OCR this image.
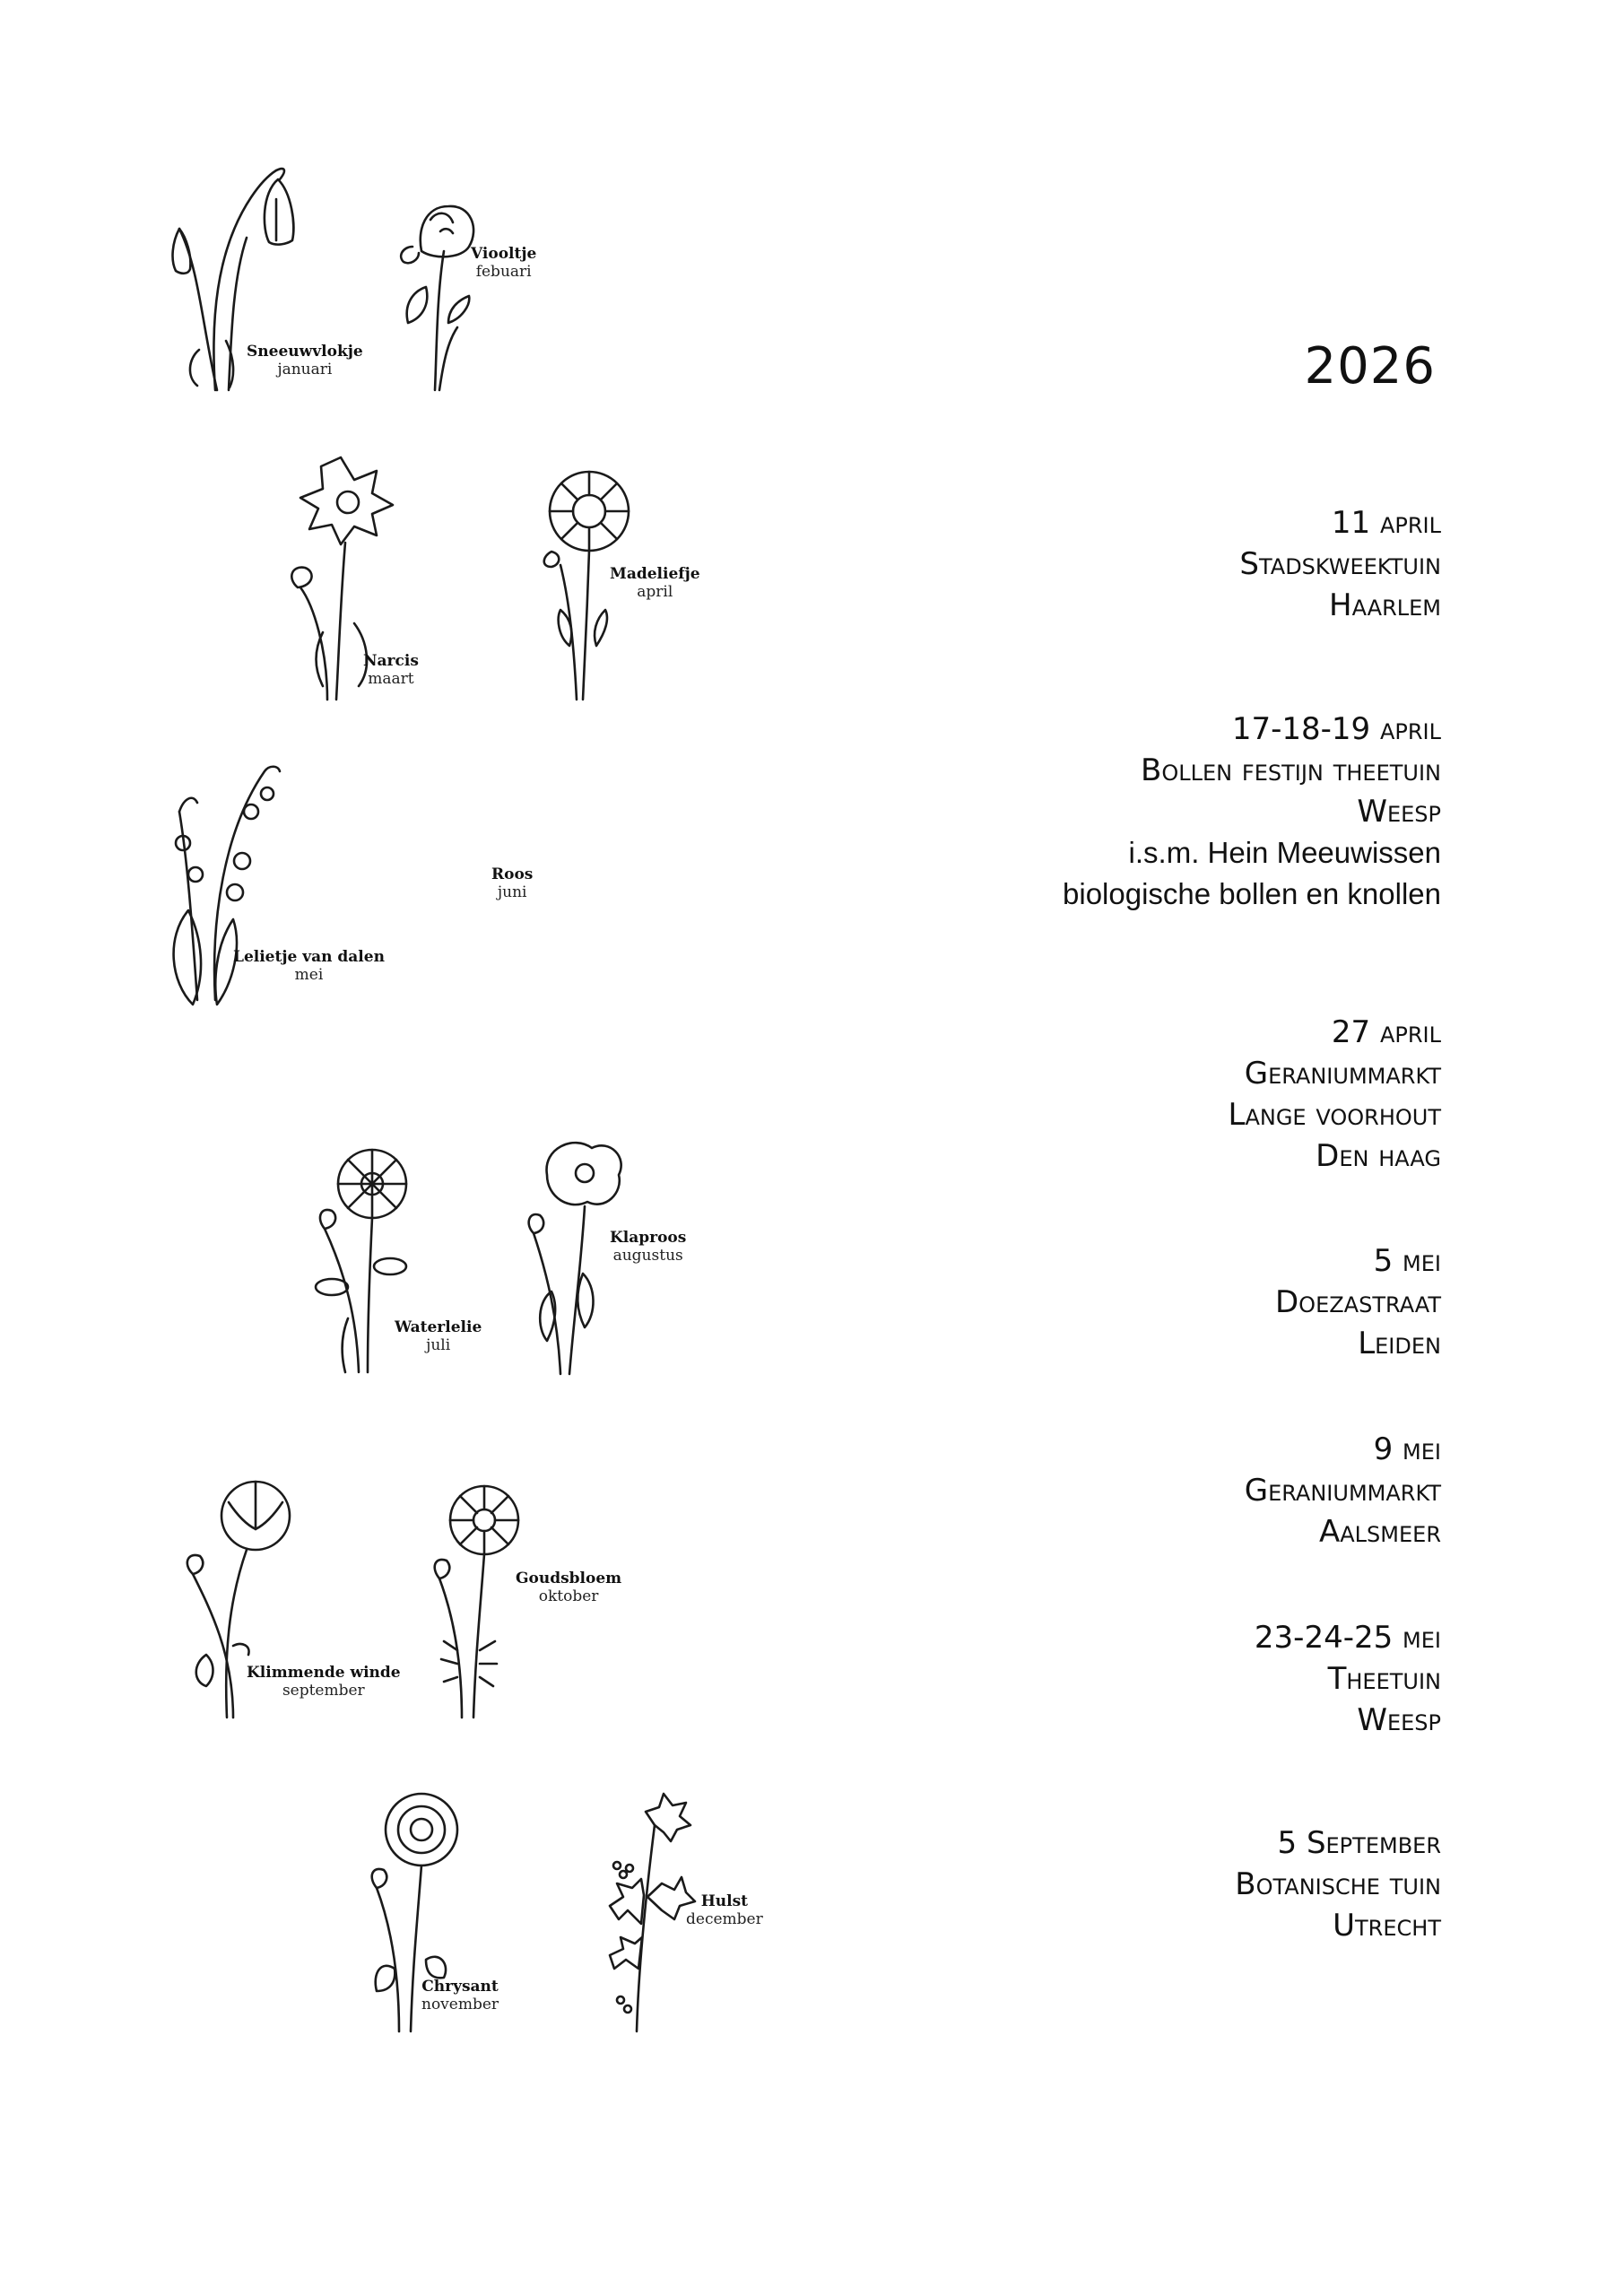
Sneeuwvlokje
januari
Viooltje
febuari
Narcis
maart
Madeliefje
april
Lelietje van dalen
mei
Roos
juni
Waterlelie
juli
Klaproos
augustus
Klimmende winde
september
Goudsbloem
oktober
Chrysant
november
Hulst
december
2026
11 april
Stadskweektuin
Haarlem
17-18-19 april
Bollen festijn theetuin
Weesp
i.s.m. Hein Meeuwissen
biologische bollen en knollen
27 april
Geraniummarkt
Lange voorhout
Den haag
5 mei
Doezastraat
Leiden
9 mei
Geraniummarkt
Aalsmeer
23-24-25 mei
Theetuin
Weesp
5 September
Botanische tuin
Utrecht
